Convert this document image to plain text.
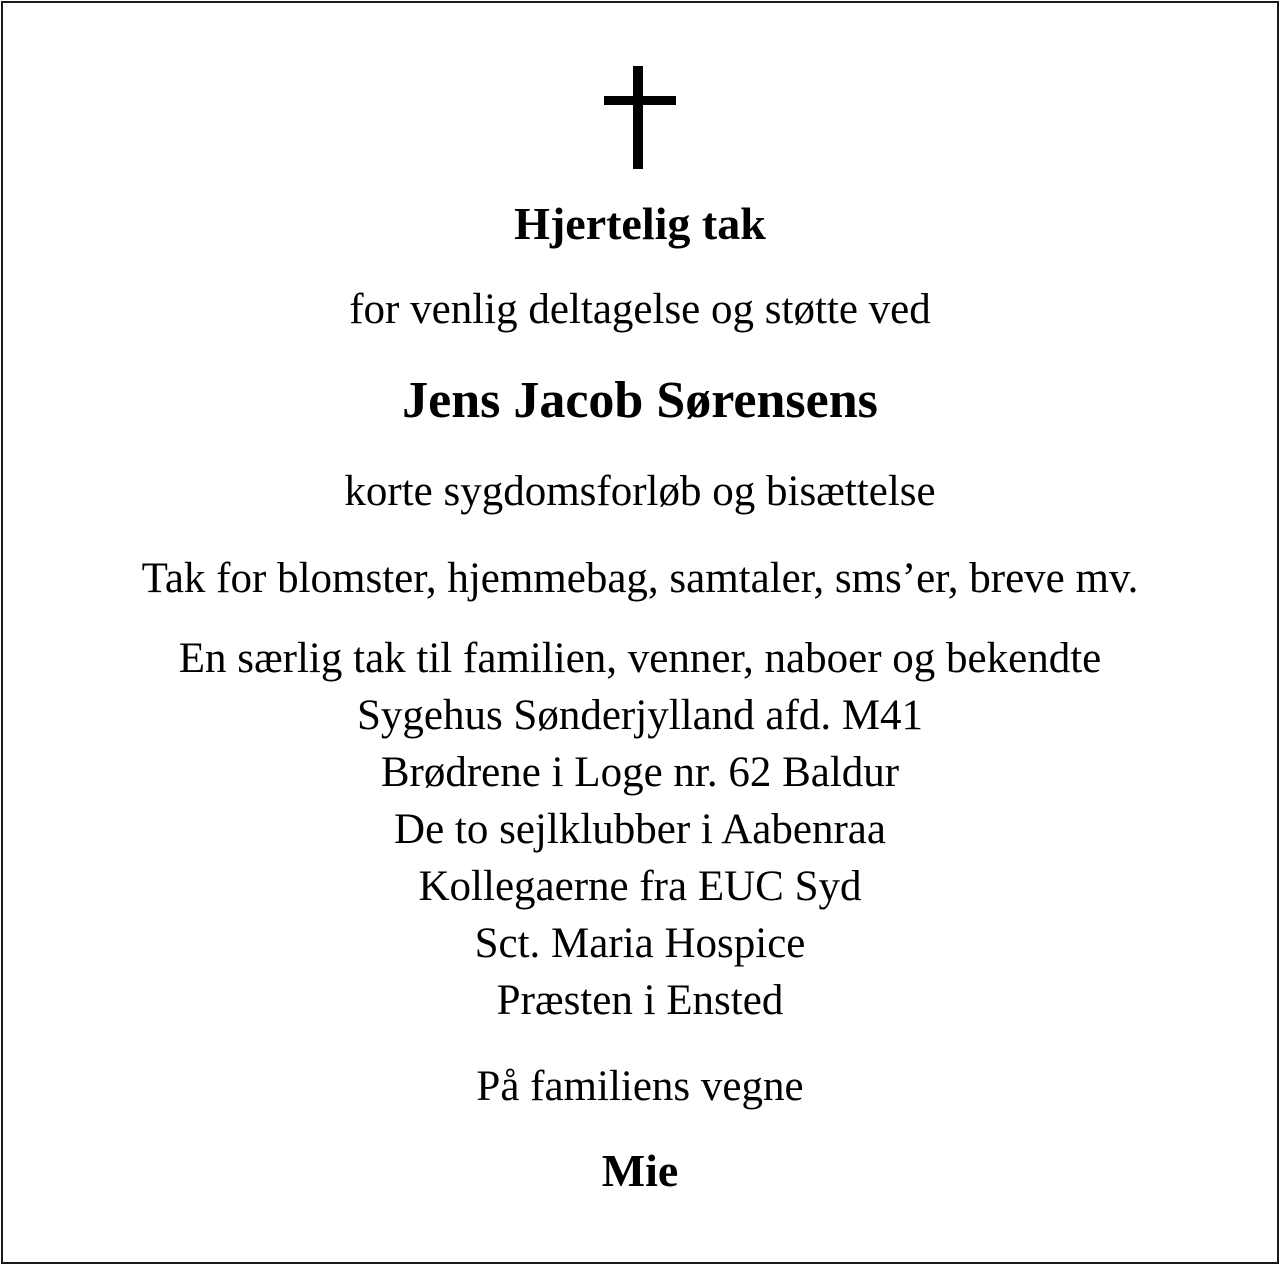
Hjertelig tak
for venlig deltagelse og støtte ved
Jens Jacob Sørensens
korte sygdomsforløb og bisættelse
Tak for blomster, hjemmebag, samtaler, sms’er, breve mv.
En særlig tak til familien, venner, naboer og bekendte
Sygehus Sønderjylland afd. M41
Brødrene i Loge nr. 62 Baldur
De to sejlklubber i Aabenraa
Kollegaerne fra EUC Syd
Sct. Maria Hospice
Præsten i Ensted
På familiens vegne
Mie
